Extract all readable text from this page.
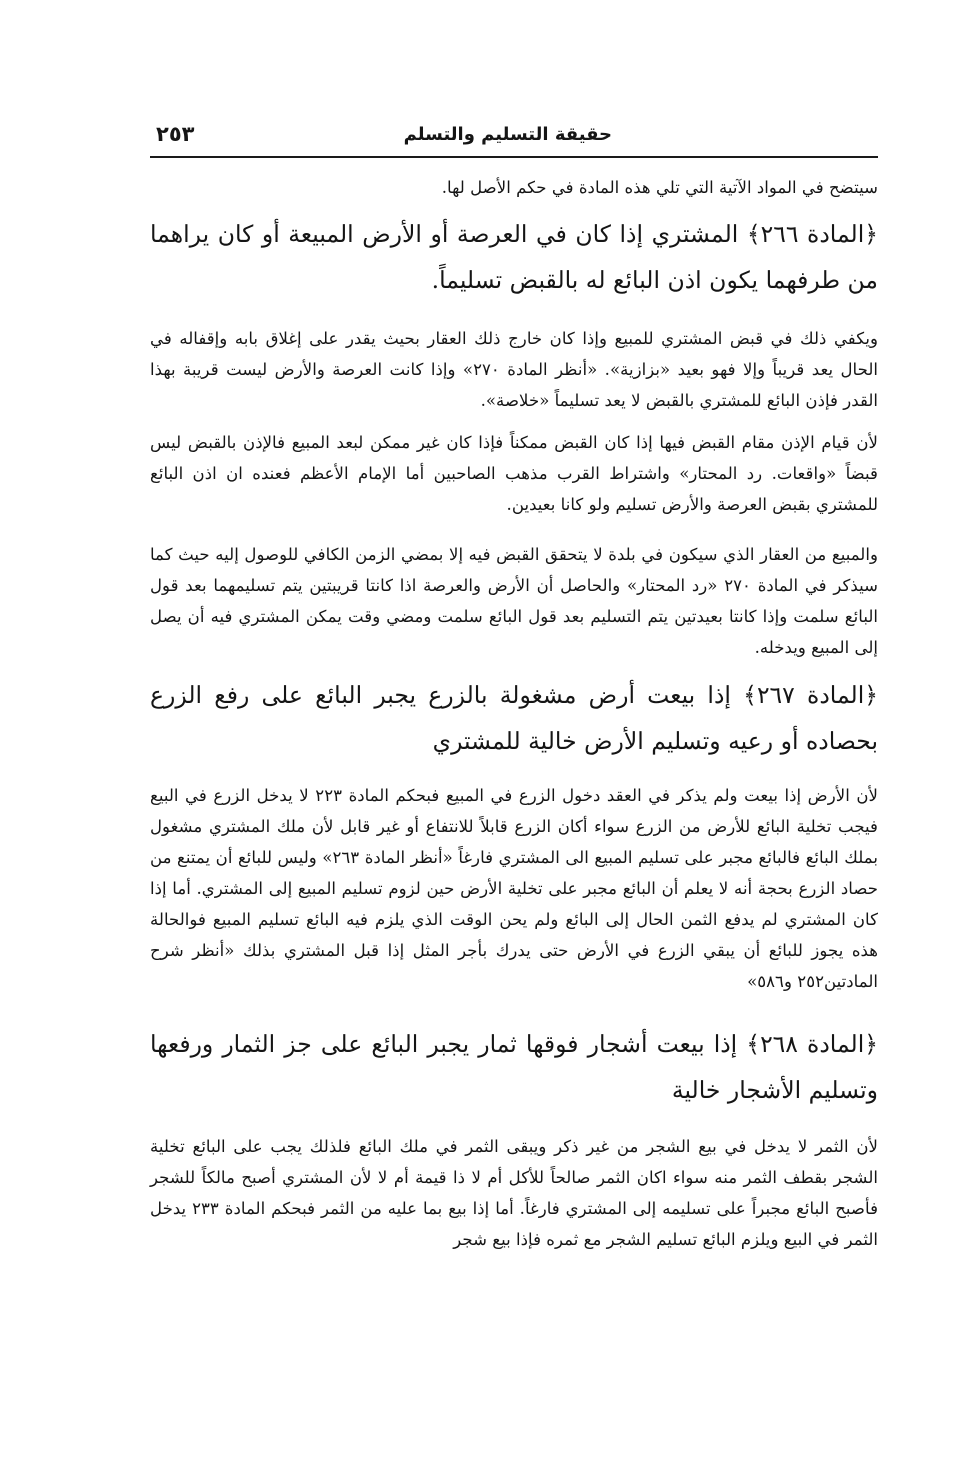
٢٥٣	حقيقة التسليم والتسلم

سيتضح في المواد الآتية التي تلي هذه المادة في حكم الأصل لها.

﴿المادة ٢٦٦﴾ المشتري إذا كان في العرصة أو الأرض المبيعة أو كان يراهما من طرفهما يكون اذن البائع له بالقبض تسليماً.

ويكفي ذلك في قبض المشتري للمبيع وإذا كان خارج ذلك العقار بحيث يقدر على إغلاق بابه وإقفاله في الحال يعد قريباً وإلا فهو بعيد «بزازية». «أنظر المادة ٢٧٠» وإذا كانت العرصة والأرض ليست قريبة بهذا القدر فإذن البائع للمشتري بالقبض لا يعد تسليماً «خلاصة».

لأن قيام الإذن مقام القبض فيها إذا كان القبض ممكناً فإذا كان غير ممكن لبعد المبيع فالإذن بالقبض ليس قبضاً «واقعات. رد المحتار» واشتراط القرب مذهب الصاحبين أما الإمام الأعظم فعنده ان اذن البائع للمشتري بقبض العرصة والأرض تسليم ولو كانا بعيدين.

والمبيع من العقار الذي سيكون في بلدة لا يتحقق القبض فيه إلا بمضي الزمن الكافي للوصول إليه حيث كما سيذكر في المادة ٢٧٠ «رد المحتار» والحاصل أن الأرض والعرصة اذا كانتا قريبتين يتم تسليمهما بعد قول البائع سلمت وإذا كانتا بعيدتين يتم التسليم بعد قول البائع سلمت ومضي وقت يمكن المشتري فيه أن يصل إلى المبيع ويدخله.

﴿المادة ٢٦٧﴾ إذا بيعت أرض مشغولة بالزرع يجبر البائع على رفع الزرع بحصاده أو رعيه وتسليم الأرض خالية للمشتري

لأن الأرض إذا بيعت ولم يذكر في العقد دخول الزرع في المبيع فبحكم المادة ٢٢٣ لا يدخل الزرع في البيع فيجب تخلية البائع للأرض من الزرع سواء أكان الزرع قابلاً للانتفاع أو غير قابل لأن ملك المشتري مشغول بملك البائع فالبائع مجبر على تسليم المبيع الى المشتري فارغاً «أنظر المادة ٢٦٣» وليس للبائع أن يمتنع من حصاد الزرع بحجة أنه لا يعلم أن البائع مجبر على تخلية الأرض حين لزوم تسليم المبيع إلى المشتري. أما إذا كان المشتري لم يدفع الثمن الحال إلى البائع ولم يحن الوقت الذي يلزم فيه البائع تسليم المبيع فوالحالة هذه يجوز للبائع أن يبقي الزرع في الأرض حتى يدرك بأجر المثل إذا قبل المشتري بذلك «أنظر شرح المادتين٢٥٢ و٥٨٦»

﴿المادة ٢٦٨﴾ إذا بيعت أشجار فوقها ثمار يجبر البائع على جز الثمار ورفعها وتسليم الأشجار خالية

لأن الثمر لا يدخل في بيع الشجر من غير ذكر ويبقى الثمر في ملك البائع فلذلك يجب على البائع تخلية الشجر بقطف الثمر منه سواء اكان الثمر صالحاً للأكل أم لا ذا قيمة أم لا لأن المشتري أصبح مالكاً للشجر فأصبح البائع مجبراً على تسليمه إلى المشتري فارغاً. أما إذا بيع بما عليه من الثمر فبحكم المادة ٢٣٣ يدخل الثمر في البيع ويلزم البائع تسليم الشجر مع ثمره فإذا بيع شجر
